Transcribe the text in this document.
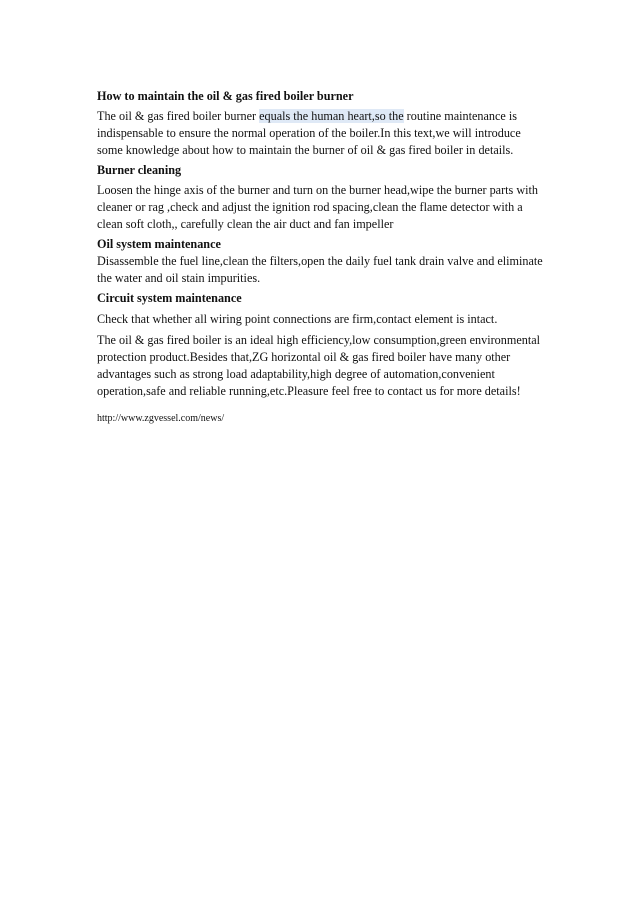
How to maintain the oil & gas fired boiler burner

The oil & gas fired boiler burner equals the human heart,so the routine maintenance is indispensable to ensure the normal operation of the boiler.In this text,we will introduce some knowledge about how to maintain the burner of oil & gas fired boiler in details.

Burner cleaning

Loosen the hinge axis of the burner and turn on the burner head,wipe the burner parts with cleaner or rag ,check and adjust the ignition rod spacing,clean the flame detector with a clean soft cloth,, carefully clean the air duct and fan impeller

Oil system maintenance

Disassemble the fuel line,clean the filters,open the daily fuel tank drain valve and eliminate the water and oil stain impurities.

Circuit system maintenance

Check that whether all wiring point connections are firm,contact element is intact.

The oil & gas fired boiler is an ideal high efficiency,low consumption,green environmental protection product.Besides that,ZG horizontal oil & gas fired boiler have many other advantages such as strong load adaptability,high degree of automation,convenient operation,safe and reliable running,etc.Pleasure feel free to contact us for more details!

http://www.zgvessel.com/news/
